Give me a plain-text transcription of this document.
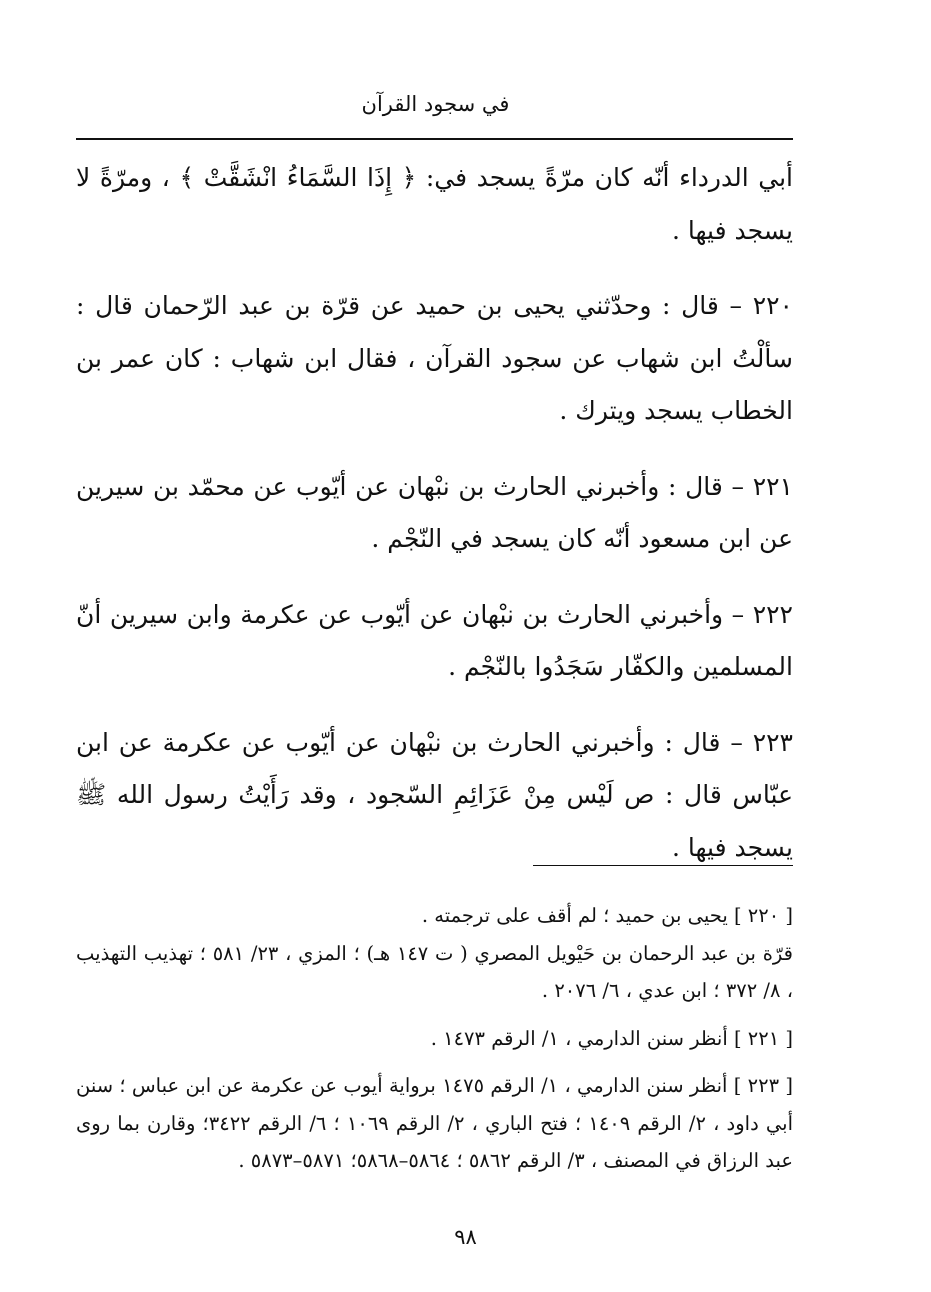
في سجود القرآن

أبي الدرداء أنّه كان مرّةً يسجد في: ﴿ إِذَا السَّمَاءُ انْشَقَّتْ ﴾ ، ومرّةً لا يسجد فيها .

٢٢٠ – قال : وحدّثني يحيى بن حميد عن قرّة بن عبد الرّحمان قال : سألْتُ ابن شهاب عن سجود القرآن ، فقال ابن شهاب : كان عمر بن الخطاب يسجد ويترك .

٢٢١ – قال : وأخبرني الحارث بن نبْهان عن أيّوب عن محمّد بن سيرين عن ابن مسعود أنّه كان يسجد في النّجْم .

٢٢٢ – وأخبرني الحارث بن نبْهان عن أيّوب عن عكرمة وابن سيرين أنّ المسلمين والكفّار سَجَدُوا بالنّجْم .

٢٢٣ – قال : وأخبرني الحارث بن نبْهان عن أيّوب عن عكرمة عن ابن عبّاس قال : ص لَيْس مِنْ عَزَائِمِ السّجود ، وقد رَأَيْتُ رسول الله ﷺ يسجد فيها .

[ ٢٢٠ ] يحيى بن حميد ؛ لم أقف على ترجمته .

قرّة بن عبد الرحمان بن حَيْويل المصري ( ت ١٤٧ هـ) ؛ المزي ، ٢٣/ ٥٨١ ؛ تهذيب التهذيب ، ٨/ ٣٧٢ ؛ ابن عدي ، ٦/ ٢٠٧٦ .

[ ٢٢١ ] أنظر سنن الدارمي ، ١/ الرقم ١٤٧٣ .

[ ٢٢٣ ] أنظر سنن الدارمي ، ١/ الرقم ١٤٧٥ برواية أيوب عن عكرمة عن ابن عباس ؛ سنن أبي داود ، ٢/ الرقم ١٤٠٩ ؛ فتح الباري ، ٢/ الرقم ١٠٦٩ ؛ ٦/ الرقم ٣٤٢٢؛ وقارن بما روى عبد الرزاق في المصنف ، ٣/ الرقم ٥٨٦٢ ؛ ٥٨٦٤–٥٨٦٨؛ ٥٨٧١–٥٨٧٣ .

٩٨
